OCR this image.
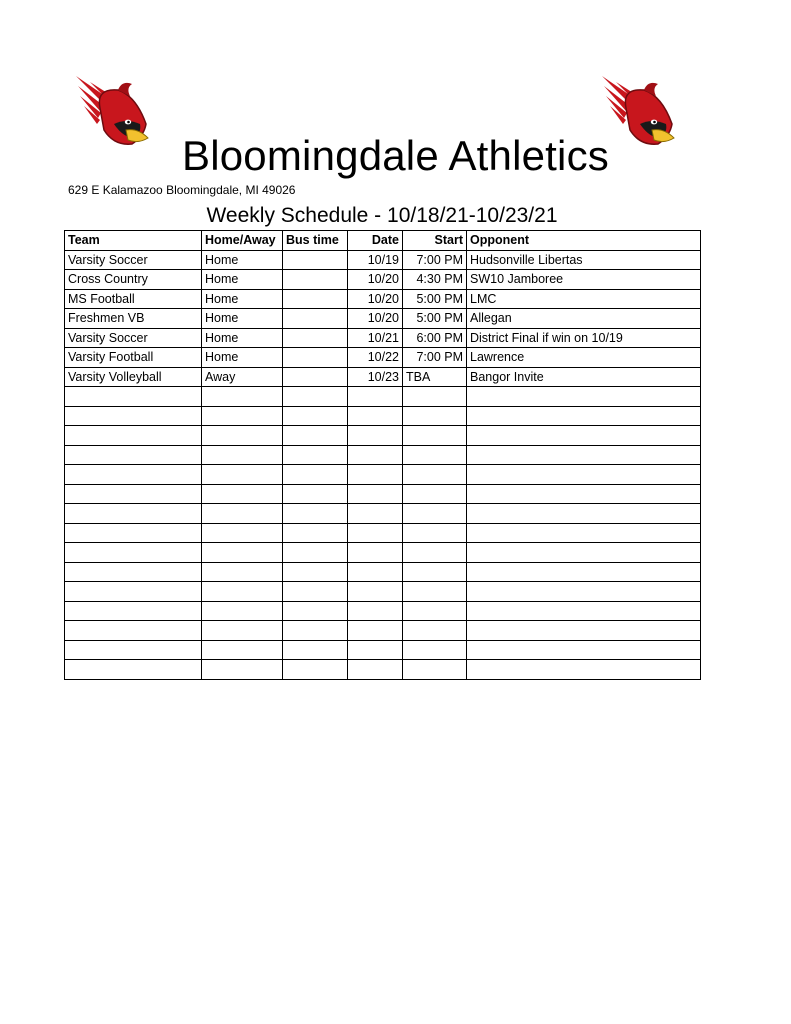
Bloomingdale Athletics
629 E Kalamazoo Bloomingdale, MI 49026
Weekly Schedule - 10/18/21-10/23/21
Team	Home/Away	Bus time	Date	Start	Opponent
Varsity Soccer	Home		10/19	7:00 PM	Hudsonville Libertas
Cross Country	Home		10/20	4:30 PM	SW10 Jamboree
MS Football	Home		10/20	5:00 PM	LMC
Freshmen VB	Home		10/20	5:00 PM	Allegan
Varsity Soccer	Home		10/21	6:00 PM	District Final if win on 10/19
Varsity Football	Home		10/22	7:00 PM	Lawrence
Varsity Volleyball	Away		10/23	TBA	Bangor Invite
